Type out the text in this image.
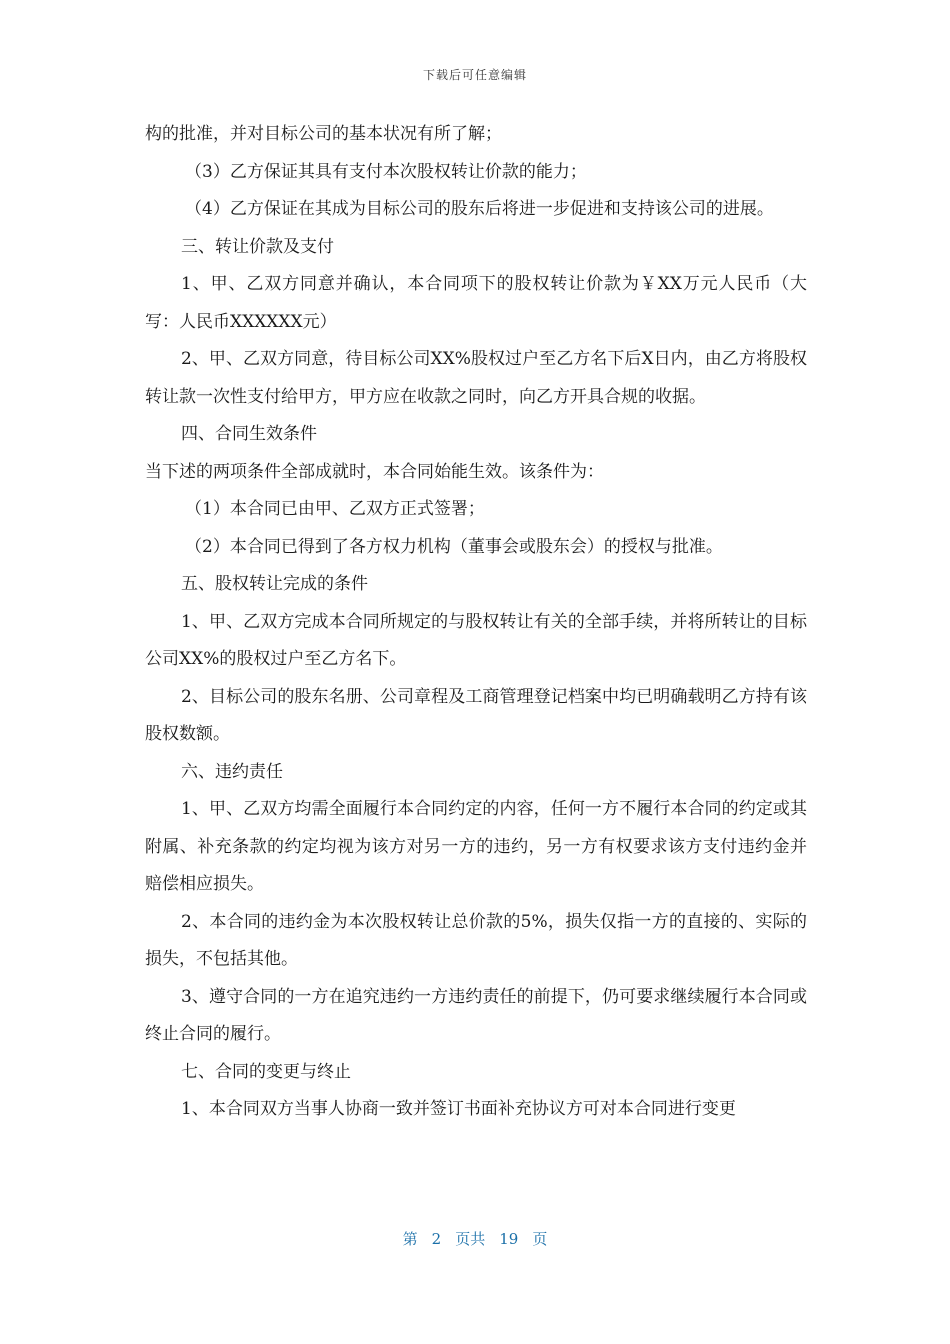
下载后可任意编辑

构的批准，并对目标公司的基本状况有所了解；

（3）乙方保证其具有支付本次股权转让价款的能力；

（4）乙方保证在其成为目标公司的股东后将进一步促进和支持该公司的进展。

三、转让价款及支付

1、甲、乙双方同意并确认，本合同项下的股权转让价款为￥XX万元人民币（大写：人民币XXXXXX元）

2、甲、乙双方同意，待目标公司XX%股权过户至乙方名下后X日内，由乙方将股权转让款一次性支付给甲方，甲方应在收款之同时，向乙方开具合规的收据。

四、合同生效条件

当下述的两项条件全部成就时，本合同始能生效。该条件为：

（1）本合同已由甲、乙双方正式签署；

（2）本合同已得到了各方权力机构（董事会或股东会）的授权与批准。

五、股权转让完成的条件

1、甲、乙双方完成本合同所规定的与股权转让有关的全部手续，并将所转让的目标公司XX%的股权过户至乙方名下。

2、目标公司的股东名册、公司章程及工商管理登记档案中均已明确载明乙方持有该股权数额。

六、违约责任

1、甲、乙双方均需全面履行本合同约定的内容，任何一方不履行本合同的约定或其附属、补充条款的约定均视为该方对另一方的违约，另一方有权要求该方支付违约金并赔偿相应损失。

2、本合同的违约金为本次股权转让总价款的5%，损失仅指一方的直接的、实际的损失，不包括其他。

3、遵守合同的一方在追究违约一方违约责任的前提下，仍可要求继续履行本合同或终止合同的履行。

七、合同的变更与终止

1、本合同双方当事人协商一致并签订书面补充协议方可对本合同进行变更

第 2 页共 19 页
